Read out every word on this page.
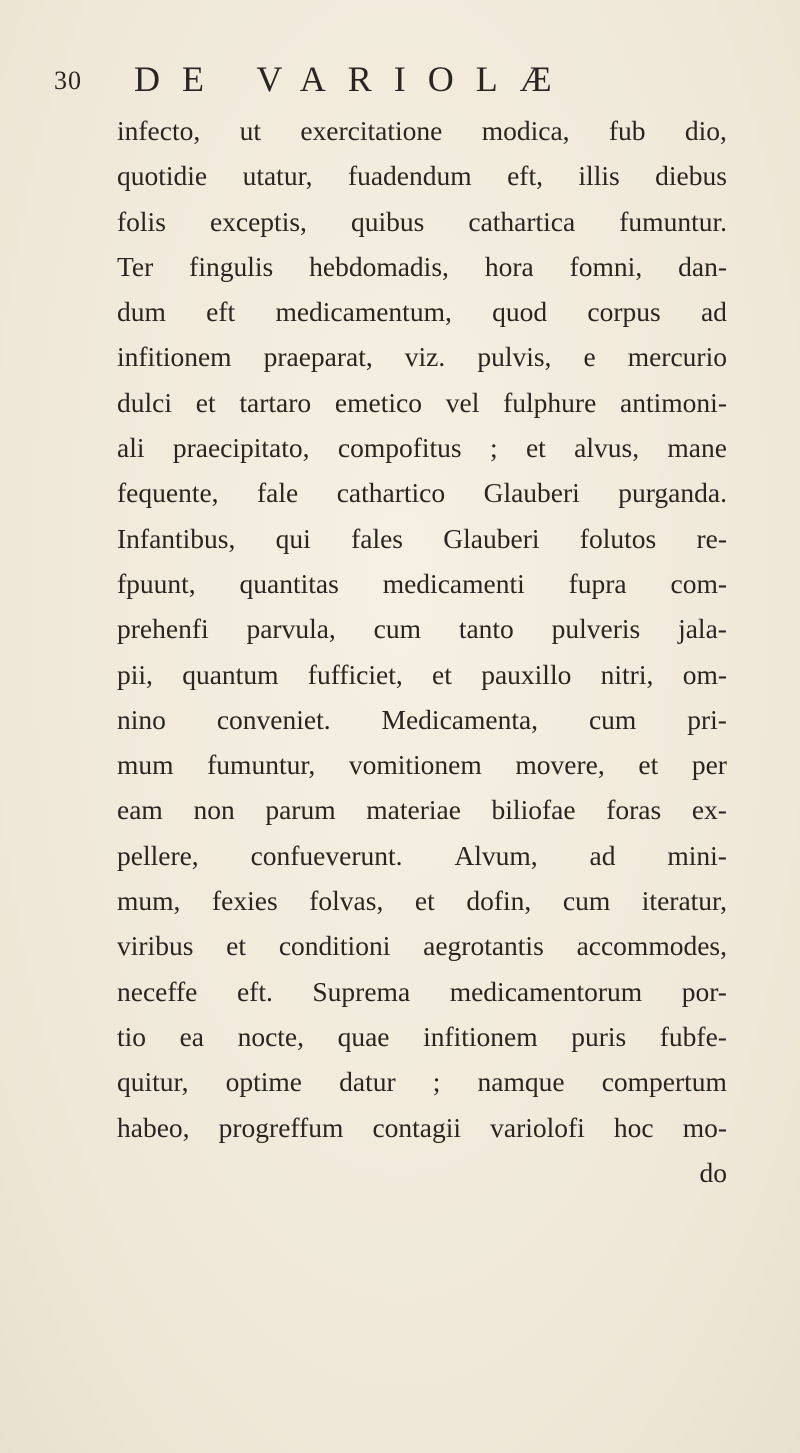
30 DE VARIOLÆ
infecto, ut exercitatione modica, fub dio,
quotidie utatur, fuadendum eft, illis diebus
folis exceptis, quibus cathartica fumuntur.
Ter fingulis hebdomadis, hora fomni, dan-
dum eft medicamentum, quod corpus ad
infitionem praeparat, viz. pulvis, e mercurio
dulci et tartaro emetico vel fulphure antimoni-
ali praecipitato, compofitus ; et alvus, mane
fequente, fale cathartico Glauberi purganda.
Infantibus, qui fales Glauberi folutos re-
fpuunt, quantitas medicamenti fupra com-
prehenfi parvula, cum tanto pulveris jala-
pii, quantum fufficiet, et pauxillo nitri, om-
nino conveniet. Medicamenta, cum pri-
mum fumuntur, vomitionem movere, et per
eam non parum materiae biliofae foras ex-
pellere, confueverunt. Alvum, ad mini-
mum, fexies folvas, et dofin, cum iteratur,
viribus et conditioni aegrotantis accommodes,
neceffe eft. Suprema medicamentorum por-
tio ea nocte, quae infitionem puris fubfe-
quitur, optime datur ; namque compertum
habeo, progreffum contagii variolofi hoc mo-
do
